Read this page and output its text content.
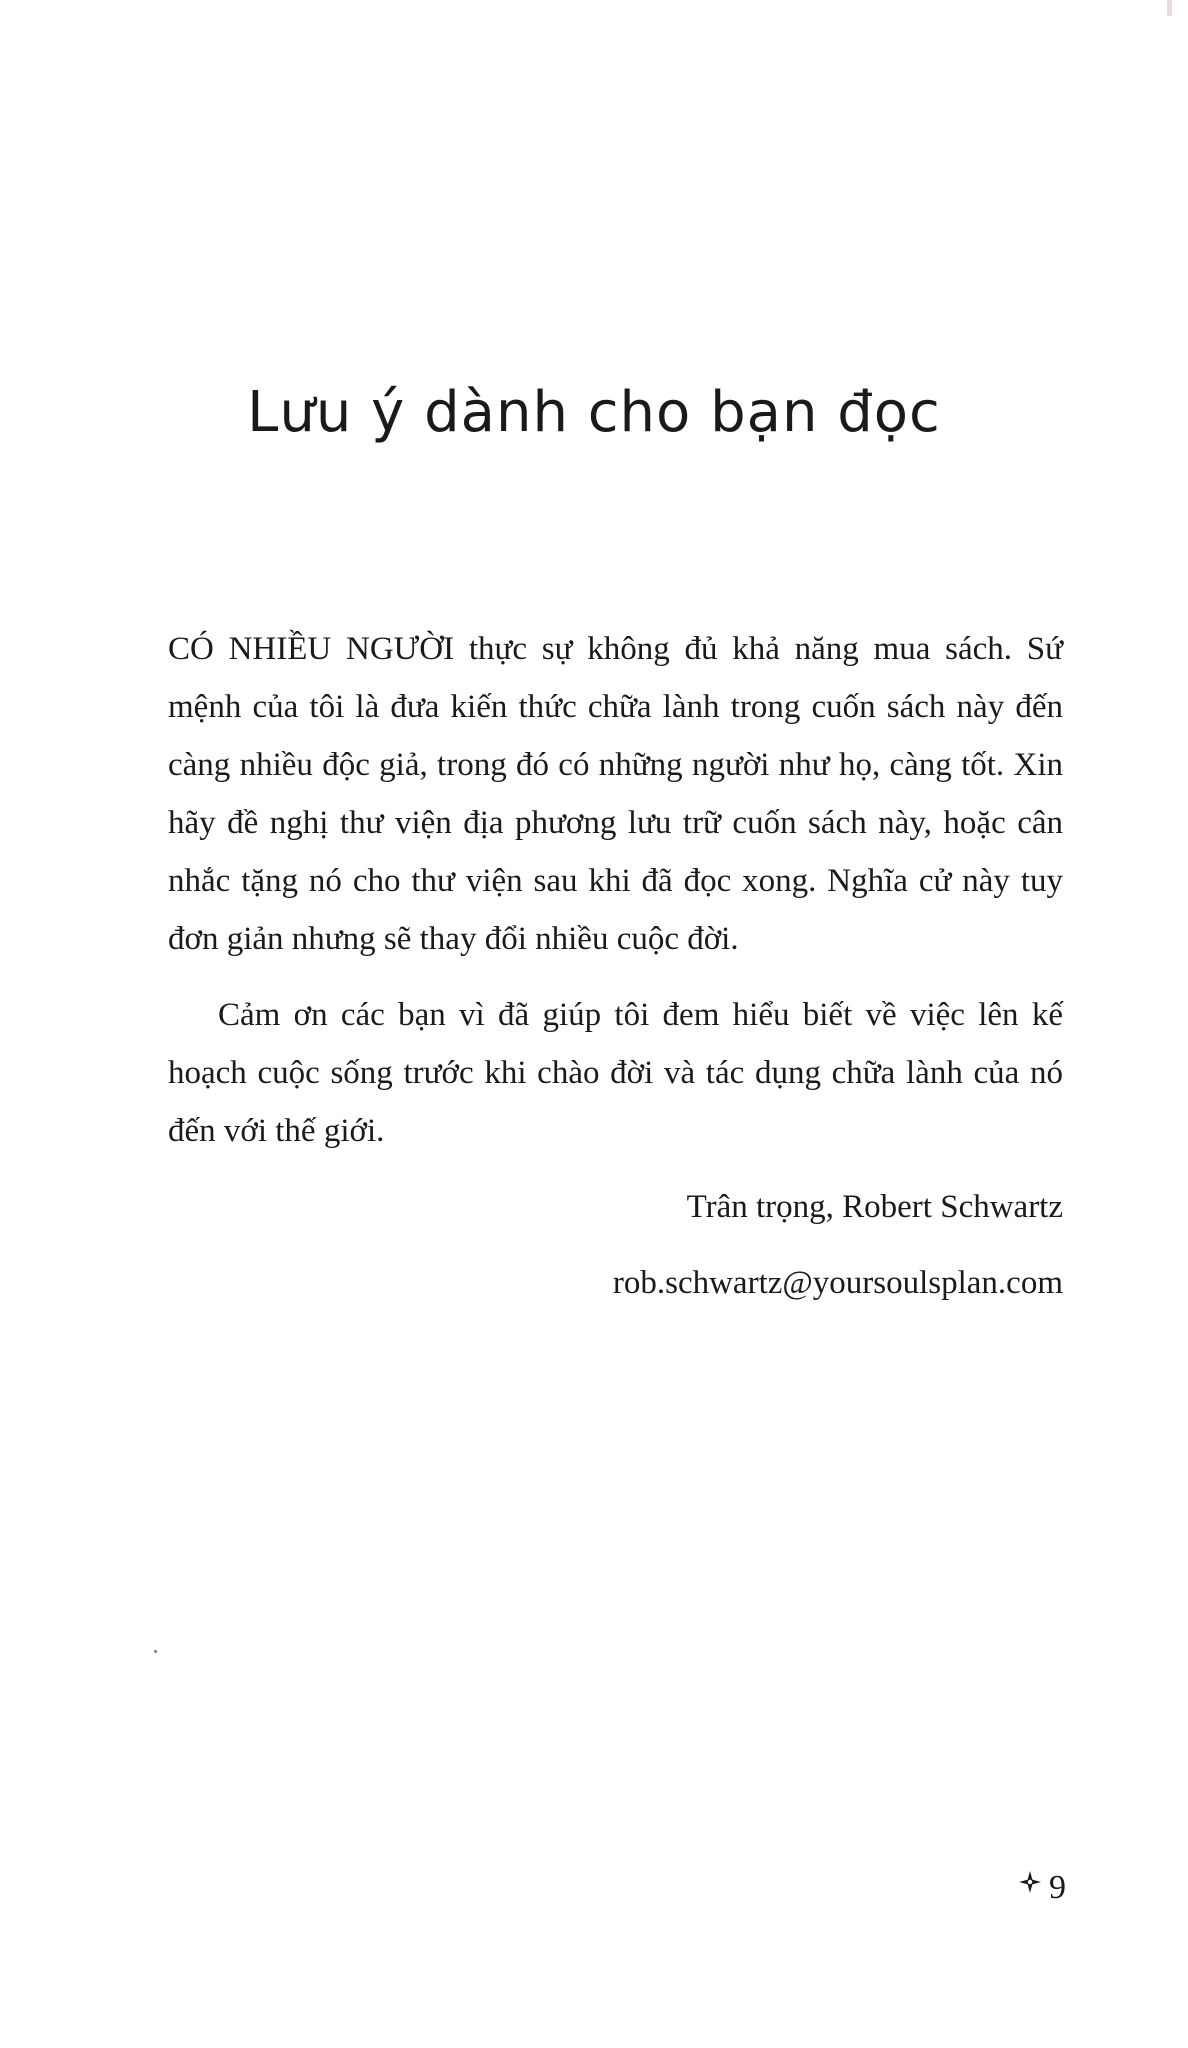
Lưu ý dành cho bạn đọc

CÓ NHIỀU NGƯỜI thực sự không đủ khả năng mua sách. Sứ mệnh của tôi là đưa kiến thức chữa lành trong cuốn sách này đến càng nhiều độc giả, trong đó có những người như họ, càng tốt. Xin hãy đề nghị thư viện địa phương lưu trữ cuốn sách này, hoặc cân nhắc tặng nó cho thư viện sau khi đã đọc xong. Nghĩa cử này tuy đơn giản nhưng sẽ thay đổi nhiều cuộc đời.

Cảm ơn các bạn vì đã giúp tôi đem hiểu biết về việc lên kế hoạch cuộc sống trước khi chào đời và tác dụng chữa lành của nó đến với thế giới.

Trân trọng, Robert Schwartz

rob.schwartz@yoursoulsplan.com

9
